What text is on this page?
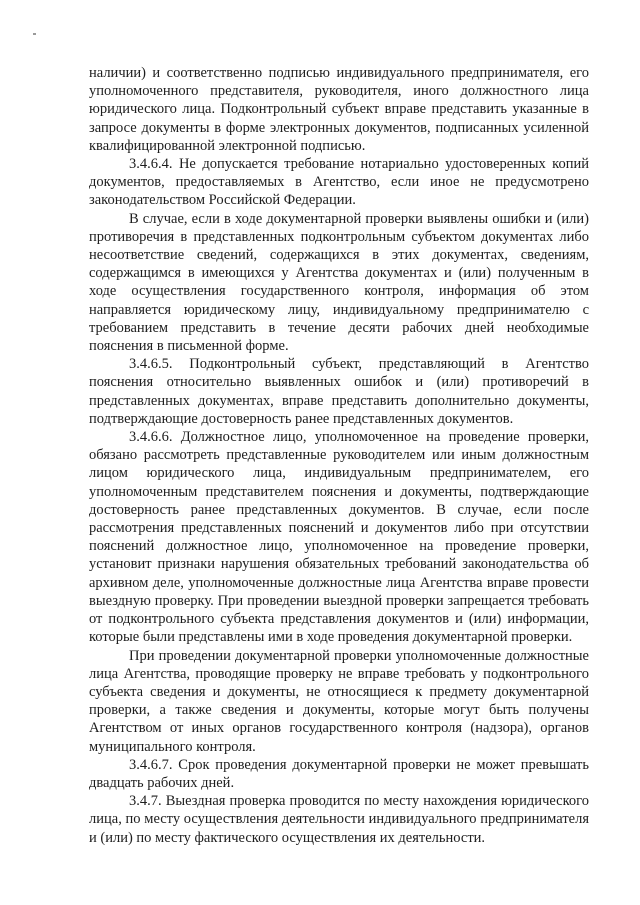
наличии) и соответственно подписью индивидуального предпринимателя, его уполномоченного представителя, руководителя, иного должностного лица юридического лица. Подконтрольный субъект вправе представить указанные в запросе документы в форме электронных документов, подписанных усиленной квалифицированной электронной подписью.

3.4.6.4. Не допускается требование нотариально удостоверенных копий документов, предоставляемых в Агентство, если иное не предусмотрено законодательством Российской Федерации.

В случае, если в ходе документарной проверки выявлены ошибки и (или) противоречия в представленных подконтрольным субъектом документах либо несоответствие сведений, содержащихся в этих документах, сведениям, содержащимся в имеющихся у Агентства документах и (или) полученным в ходе осуществления государственного контроля, информация об этом направляется юридическому лицу, индивидуальному предпринимателю с требованием представить в течение десяти рабочих дней необходимые пояснения в письменной форме.

3.4.6.5. Подконтрольный субъект, представляющий в Агентство пояснения относительно выявленных ошибок и (или) противоречий в представленных документах, вправе представить дополнительно документы, подтверждающие достоверность ранее представленных документов.

3.4.6.6. Должностное лицо, уполномоченное на проведение проверки, обязано рассмотреть представленные руководителем или иным должностным лицом юридического лица, индивидуальным предпринимателем, его уполномоченным представителем пояснения и документы, подтверждающие достоверность ранее представленных документов. В случае, если после рассмотрения представленных пояснений и документов либо при отсутствии пояснений должностное лицо, уполномоченное на проведение проверки, установит признаки нарушения обязательных требований законодательства об архивном деле, уполномоченные должностные лица Агентства вправе провести выездную проверку. При проведении выездной проверки запрещается требовать от подконтрольного субъекта представления документов и (или) информации, которые были представлены ими в ходе проведения документарной проверки.

При проведении документарной проверки уполномоченные должностные лица Агентства, проводящие проверку не вправе требовать у подконтрольного субъекта сведения и документы, не относящиеся к предмету документарной проверки, а также сведения и документы, которые могут быть получены Агентством от иных органов государственного контроля (надзора), органов муниципального контроля.

3.4.6.7. Срок проведения документарной проверки не может превышать двадцать рабочих дней.

3.4.7. Выездная проверка проводится по месту нахождения юридического лица, по месту осуществления деятельности индивидуального предпринимателя и (или) по месту фактического осуществления их деятельности.
